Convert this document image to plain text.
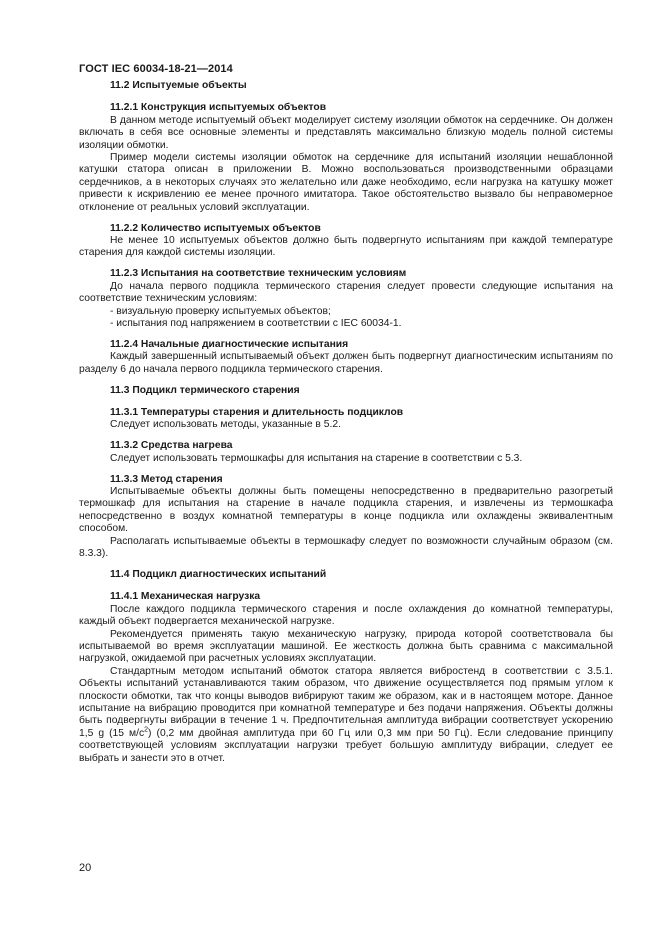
ГОСТ IEC 60034-18-21—2014

11.2 Испытуемые объекты

11.2.1 Конструкция испытуемых объектов

В данном методе испытуемый объект моделирует систему изоляции обмоток на сердечнике. Он должен включать в себя все основные элементы и представлять максимально близкую модель полной системы изоляции обмотки.

Пример модели системы изоляции обмоток на сердечнике для испытаний изоляции нешаблонной катушки статора описан в приложении B. Можно воспользоваться производственными образцами сердечников, а в некоторых случаях это желательно или даже необходимо, если нагрузка на катушку может привести к искривлению ее менее прочного имитатора. Такое обстоятельство вызвало бы неправомерное отклонение от реальных условий эксплуатации.

11.2.2 Количество испытуемых объектов

Не менее 10 испытуемых объектов должно быть подвергнуто испытаниям при каждой температуре старения для каждой системы изоляции.

11.2.3 Испытания на соответствие техническим условиям

До начала первого подцикла термического старения следует провести следующие испытания на соответствие техническим условиям:

- визуальную проверку испытуемых объектов;

- испытания под напряжением в соответствии с IEC 60034-1.

11.2.4 Начальные диагностические испытания

Каждый завершенный испытываемый объект должен быть подвергнут диагностическим испытаниям по разделу 6 до начала первого подцикла термического старения.

11.3 Подцикл термического старения

11.3.1 Температуры старения и длительность подциклов

Следует использовать методы, указанные в 5.2.

11.3.2 Средства нагрева

Следует использовать термошкафы для испытания на старение в соответствии с 5.3.

11.3.3 Метод старения

Испытываемые объекты должны быть помещены непосредственно в предварительно разогретый термошкаф для испытания на старение в начале подцикла старения, и извлечены из термошкафа непосредственно в воздух комнатной температуры в конце подцикла или охлаждены эквивалентным способом.

Располагать испытываемые объекты в термошкафу следует по возможности случайным образом (см. 8.3.3).

11.4 Подцикл диагностических испытаний

11.4.1 Механическая нагрузка

После каждого подцикла термического старения и после охлаждения до комнатной температуры, каждый объект подвергается механической нагрузке.

Рекомендуется применять такую механическую нагрузку, природа которой соответствовала бы испытываемой во время эксплуатации машиной. Ее жесткость должна быть сравнима с максимальной нагрузкой, ожидаемой при расчетных условиях эксплуатации.

Стандартным методом испытаний обмоток статора является вибростенд в соответствии с 3.5.1. Объекты испытаний устанавливаются таким образом, что движение осуществляется под прямым углом к плоскости обмотки, так что концы выводов вибрируют таким же образом, как и в настоящем моторе. Данное испытание на вибрацию проводится при комнатной температуре и без подачи напряжения. Объекты должны быть подвергнуты вибрации в течение 1 ч. Предпочтительная амплитуда вибрации соответствует ускорению 1,5 g (15 $м/с^2$) (0,2 мм двойная амплитуда при 60 Гц или 0,3 мм при 50 Гц). Если следование принципу соответствующей условиям эксплуатации нагрузки требует большую амплитуду вибрации, следует ее выбрать и занести это в отчет.

20
